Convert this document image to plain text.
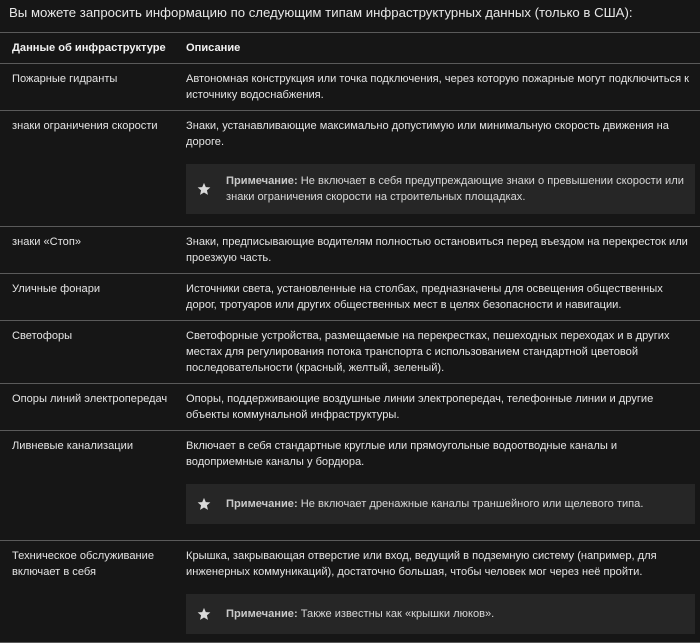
Вы можете запросить информацию по следующим типам инфраструктурных данных (только в США):
Данные об инфраструктуре	Описание
Пожарные гидранты	Автономная конструкция или точка подключения, через которую пожарные могут подключиться к источнику водоснабжения.

знаки ограничения скорости	Знаки, устанавливающие максимально допустимую или минимальную скорость движения на дороге.
Примечание: Не включает в себя предупреждающие знаки о превышении скорости или знаки ограничения скорости на строительных площадках.

знаки «Стоп»	Знаки, предписывающие водителям полностью остановиться перед въездом на перекресток или проезжую часть.

Уличные фонари	Источники света, установленные на столбах, предназначены для освещения общественных дорог, тротуаров или других общественных мест в целях безопасности и навигации.

Светофоры	Светофорные устройства, размещаемые на перекрестках, пешеходных переходах и в других местах для регулирования потока транспорта с использованием стандартной цветовой последовательности (красный, желтый, зеленый).

Опоры линий электропередач	Опоры, поддерживающие воздушные линии электропередач, телефонные линии и другие объекты коммунальной инфраструктуры.

Ливневые канализации	Включает в себя стандартные круглые или прямоугольные водоотводные каналы и водоприемные каналы у бордюра.
Примечание: Не включает дренажные каналы траншейного или щелевого типа.

Техническое обслуживание включает в себя	Крышка, закрывающая отверстие или вход, ведущий в подземную систему (например, для инженерных коммуникаций), достаточно большая, чтобы человек мог через неё пройти.
Примечание: Также известны как «крышки люков».
